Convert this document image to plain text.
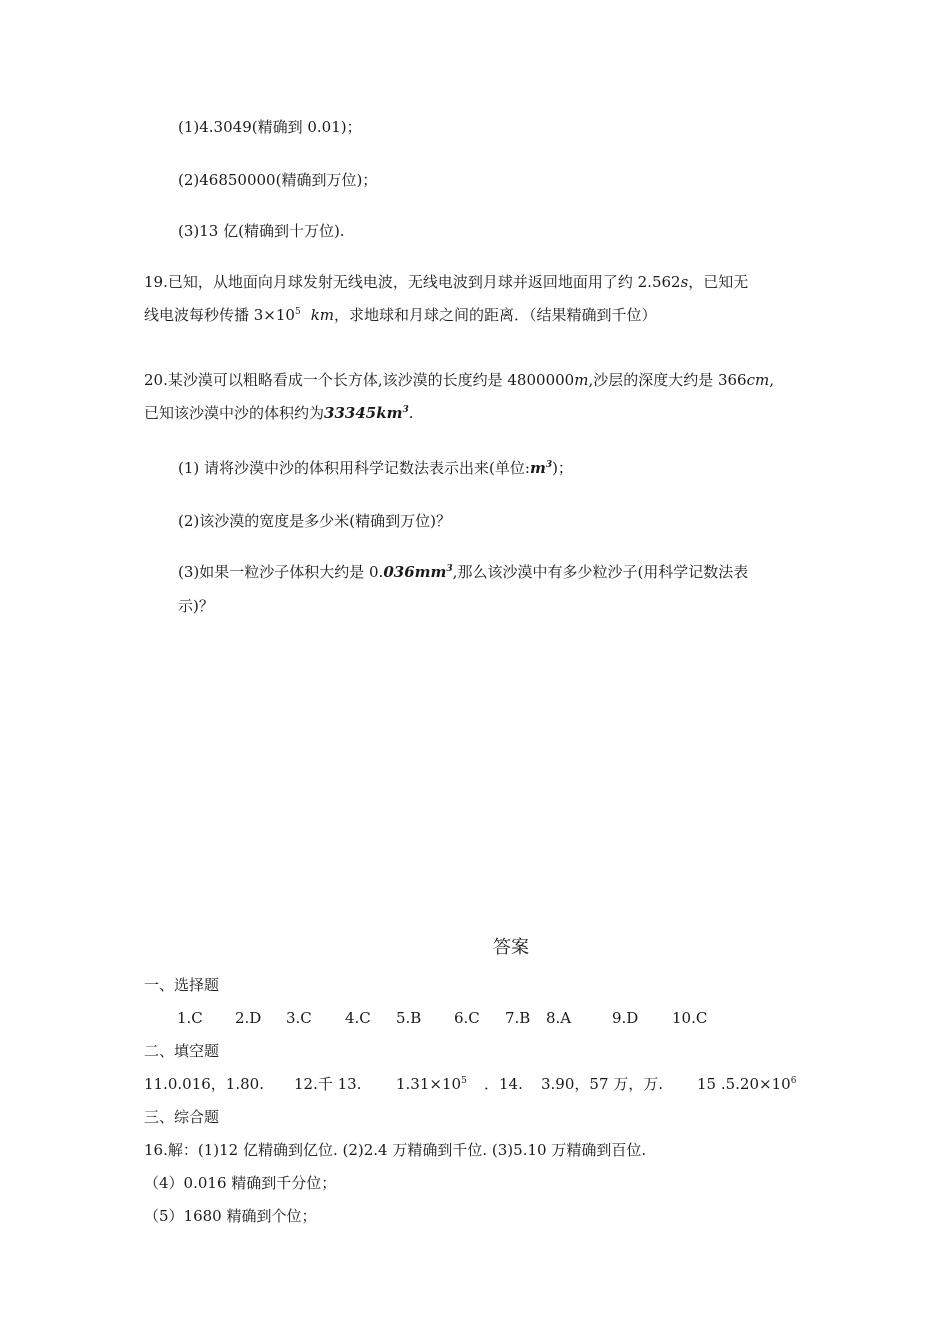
(1)4.3049(精确到 0.01)；
(2)46850000(精确到万位)；
(3)13 亿(精确到十万位).
19.已知，从地面向月球发射无线电波，无线电波到月球并返回地面用了约 2.562s，已知无
线电波每秒传播 $3\times 10^5$ km，求地球和月球之间的距离．（结果精确到千位）
20.某沙漠可以粗略看成一个长方体,该沙漠的长度约是 4800000m,沙层的深度大约是 366cm,
已知该沙漠中沙的体积约为$33345km^3$.
(1) 请将沙漠中沙的体积用科学记数法表示出来(单位$:m^3$)；
(2)该沙漠的宽度是多少米(精确到万位)？
(3)如果一粒沙子体积大约是 $0.036mm^3$,那么该沙漠中有多少粒沙子(用科学记数法表
示)？
答案
一、选择题
1.C 2.D 3.C 4.C 5.B 6.C 7.B 8.A	9.D 10.C
二、填空题
11.0.016，1.80. 12.千 13. $1.31\times 10^5$ ．14. 3.90，57 万，万. 15 $.5.20\times 10^6$
三、综合题
16.解：(1)12 亿精确到亿位. (2)2.4 万精确到千位. (3)5.10 万精确到百位.
（4）0.016 精确到千分位；
（5）1680 精确到个位；
